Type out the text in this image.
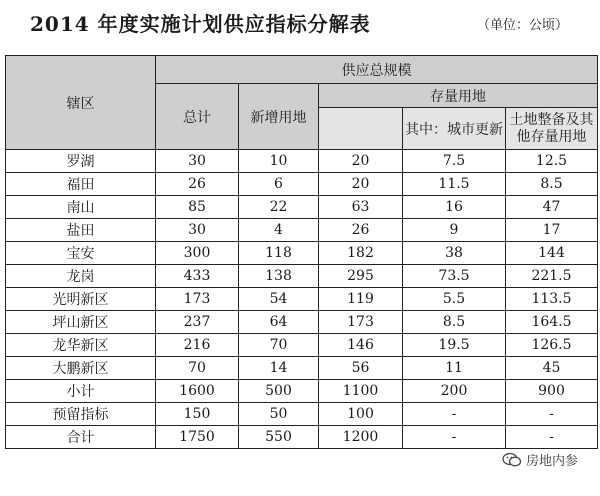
2014 年度实施计划供应指标分解表	（单位：公顷）
辖区	供应总规模				
	总计	新增用地	存量用地		
				其中：城市更新	土地整备及其他存量用地
罗湖	30	10	20	7.5	12.5
福田	26	6	20	11.5	8.5
南山	85	22	63	16	47
盐田	30	4	26	9	17
宝安	300	118	182	38	144
龙岗	433	138	295	73.5	221.5
光明新区	173	54	119	5.5	113.5
坪山新区	237	64	173	8.5	164.5
龙华新区	216	70	146	19.5	126.5
大鹏新区	70	14	56	11	45
小计	1600	500	1100	200	900
预留指标	150	50	100	-	-
合计	1750	550	1200	-	-
房地内参
